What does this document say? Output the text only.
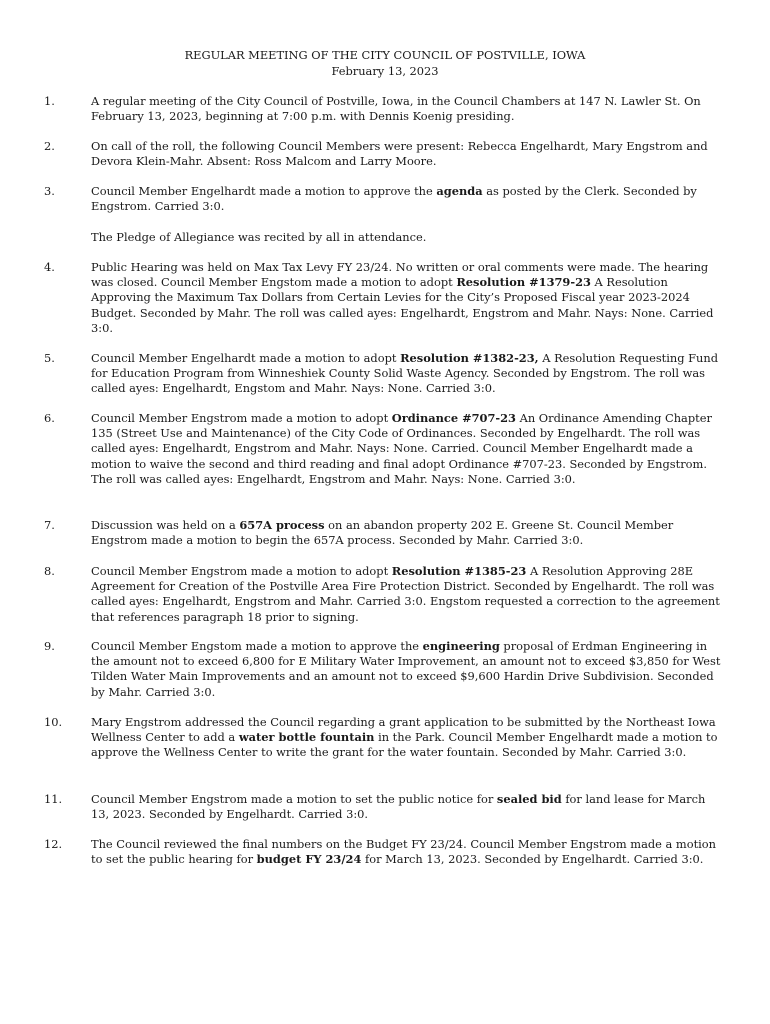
REGULAR MEETING OF THE CITY COUNCIL OF POSTVILLE, IOWA
February 13, 2023
1.	A regular meeting of the City Council of Postville, Iowa, in the Council Chambers at 147 N. Lawler St. On February 13, 2023, beginning at 7:00 p.m. with Dennis Koenig presiding.
2.	On call of the roll, the following Council Members were present: Rebecca Engelhardt, Mary Engstrom and Devora Klein-Mahr. Absent: Ross Malcom and Larry Moore.
3.	Council Member Engelhardt made a motion to approve the agenda as posted by the Clerk. Seconded by Engstrom. Carried 3:0.
The Pledge of Allegiance was recited by all in attendance.
4.	Public Hearing was held on Max Tax Levy FY 23/24. No written or oral comments were made. The hearing was closed. Council Member Engstom made a motion to adopt Resolution #1379-23 A Resolution Approving the Maximum Tax Dollars from Certain Levies for the City’s Proposed Fiscal year 2023-2024 Budget. Seconded by Mahr. The roll was called ayes: Engelhardt, Engstrom and Mahr. Nays: None. Carried 3:0.
5.	Council Member Engelhardt made a motion to adopt Resolution #1382-23, A Resolution Requesting Fund for Education Program from Winneshiek County Solid Waste Agency. Seconded by Engstrom. The roll was called ayes: Engelhardt, Engstom and Mahr. Nays: None. Carried 3:0.
6.	Council Member Engstrom made a motion to adopt Ordinance #707-23 An Ordinance Amending Chapter 135 (Street Use and Maintenance) of the City Code of Ordinances. Seconded by Engelhardt. The roll was called ayes: Engelhardt, Engstrom and Mahr. Nays: None. Carried. Council Member Engelhardt made a motion to waive the second and third reading and final adopt Ordinance #707-23. Seconded by Engstrom. The roll was called ayes: Engelhardt, Engstrom and Mahr. Nays: None. Carried 3:0.
7.	Discussion was held on a 657A process on an abandon property 202 E. Greene St. Council Member Engstrom made a motion to begin the 657A process. Seconded by Mahr. Carried 3:0.
8.	Council Member Engstrom made a motion to adopt Resolution #1385-23 A Resolution Approving 28E Agreement for Creation of the Postville Area Fire Protection District. Seconded by Engelhardt. The roll was called ayes: Engelhardt, Engstrom and Mahr. Carried 3:0. Engstom requested a correction to the agreement that references paragraph 18 prior to signing.
9.	Council Member Engstom made a motion to approve the engineering proposal of Erdman Engineering in the amount not to exceed 6,800 for E Military Water Improvement, an amount not to exceed $3,850 for West Tilden Water Main Improvements and an amount not to exceed $9,600 Hardin Drive Subdivision. Seconded by Mahr. Carried 3:0.
10.	Mary Engstrom addressed the Council regarding a grant application to be submitted by the Northeast Iowa Wellness Center to add a water bottle fountain in the Park. Council Member Engelhardt made a motion to approve the Wellness Center to write the grant for the water fountain. Seconded by Mahr. Carried 3:0.
11.	Council Member Engstrom made a motion to set the public notice for sealed bid for land lease for March 13, 2023. Seconded by Engelhardt. Carried 3:0.
12.	The Council reviewed the final numbers on the Budget FY 23/24. Council Member Engstrom made a motion to set the public hearing for budget FY 23/24 for March 13, 2023. Seconded by Engelhardt. Carried 3:0.
